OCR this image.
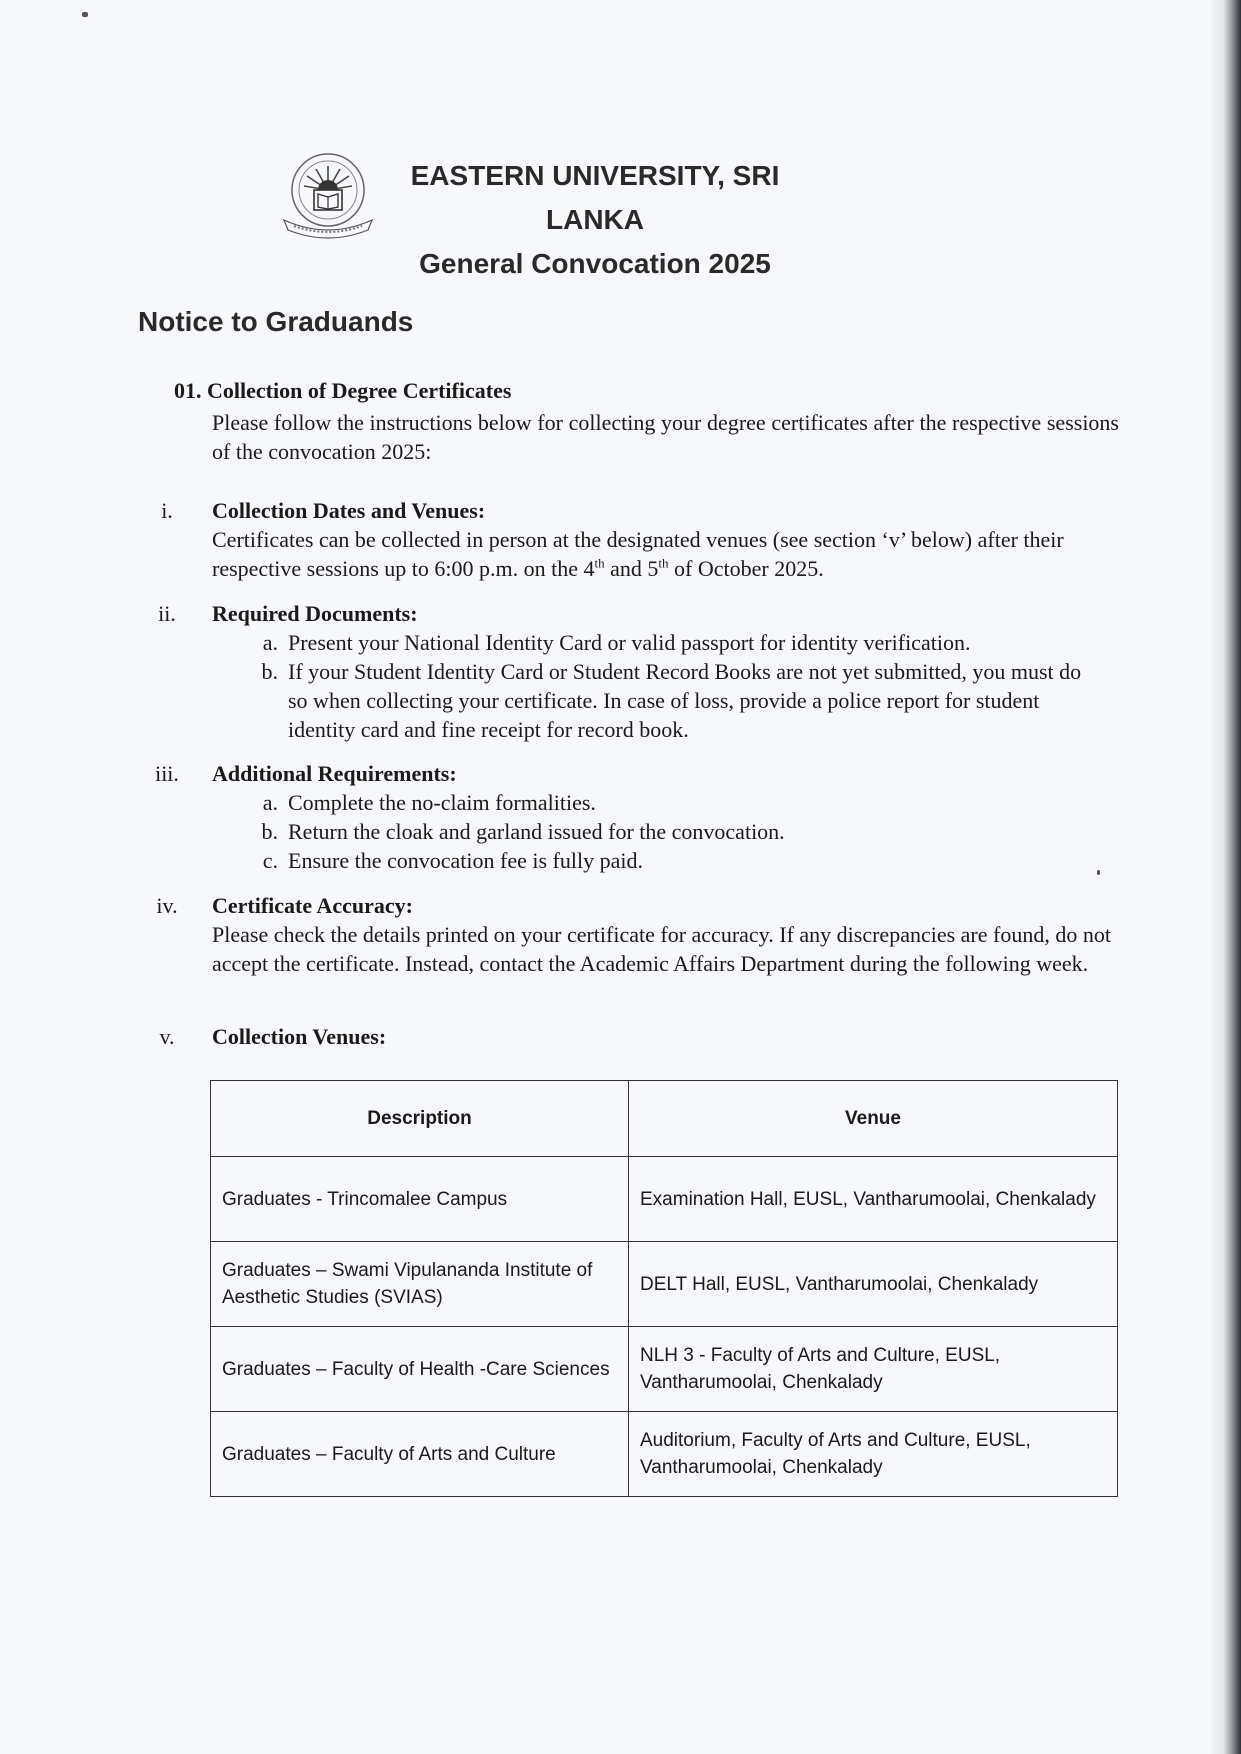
EASTERN UNIVERSITY, SRI LANKA
General Convocation 2025
Notice to Graduands
01. Collection of Degree Certificates
Please follow the instructions below for collecting your degree certificates after the respective sessions of the convocation 2025:
i.	Collection Dates and Venues:
Certificates can be collected in person at the designated venues (see section ‘v’ below) after their respective sessions up to 6:00 p.m. on the 4th and 5th of October 2025.
ii.	Required Documents:
a. Present your National Identity Card or valid passport for identity verification.
b. If your Student Identity Card or Student Record Books are not yet submitted, you must do so when collecting your certificate. In case of loss, provide a police report for student identity card and fine receipt for record book.
iii.	Additional Requirements:
a. Complete the no-claim formalities.
b. Return the cloak and garland issued for the convocation.
c. Ensure the convocation fee is fully paid.
iv.	Certificate Accuracy:
Please check the details printed on your certificate for accuracy. If any discrepancies are found, do not accept the certificate. Instead, contact the Academic Affairs Department during the following week.
v.	Collection Venues:
Description	Venue
Graduates - Trincomalee Campus	Examination Hall, EUSL, Vantharumoolai, Chenkalady
Graduates – Swami Vipulananda Institute of Aesthetic Studies (SVIAS)	DELT Hall, EUSL, Vantharumoolai, Chenkalady
Graduates – Faculty of Health -Care Sciences	NLH 3 - Faculty of Arts and Culture, EUSL, Vantharumoolai, Chenkalady
Graduates – Faculty of Arts and Culture	Auditorium, Faculty of Arts and Culture, EUSL, Vantharumoolai, Chenkalady
